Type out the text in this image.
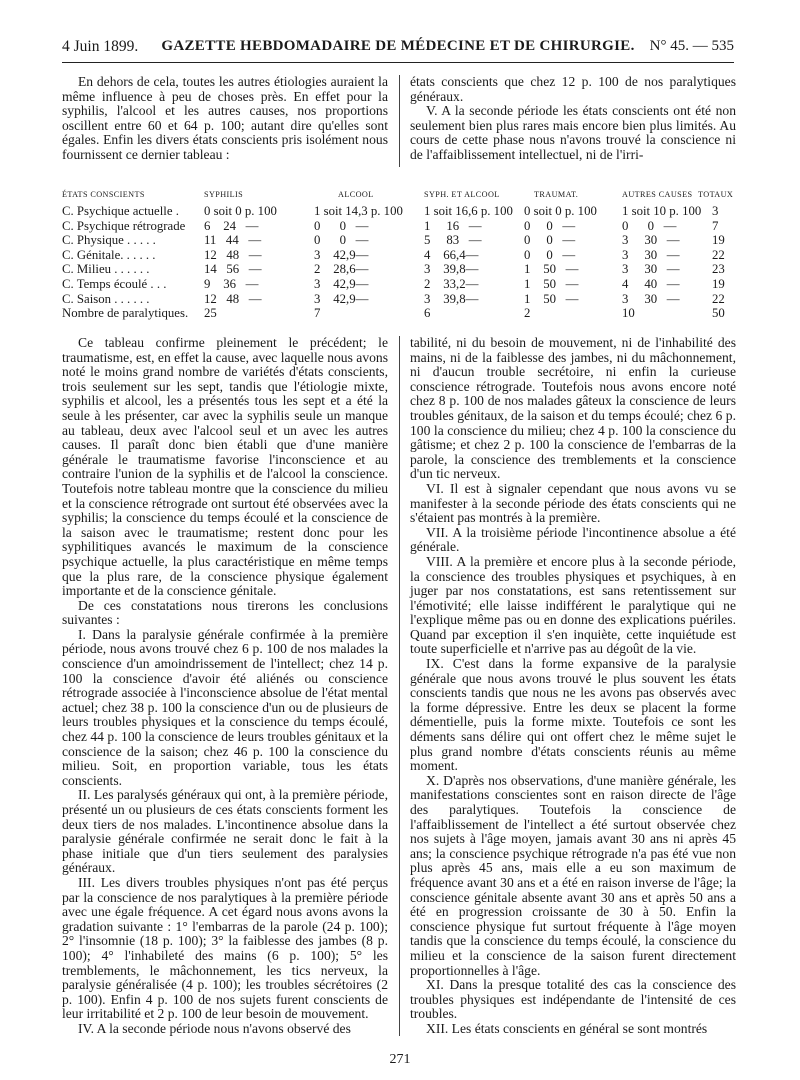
4 Juin 1899.	GAZETTE HEBDOMADAIRE DE MÉDECINE ET DE CHIRURGIE.	N° 45. — 535

En dehors de cela, toutes les autres étiologies auraient la même influence à peu de choses près. En effet pour la syphilis, l'alcool et les autres causes, nos proportions oscillent entre 60 et 64 p. 100; autant dire qu'elles sont égales. Enfin les divers états conscients pris isolément nous fournissent ce dernier tableau :

états conscients que chez 12 p. 100 de nos paralytiques généraux.

V. A la seconde période les états conscients ont été non seulement bien plus rares mais encore bien plus limités. Au cours de cette phase nous n'avons trouvé la conscience ni de l'affaiblissement intellectuel, ni de l'irri-

ÉTATS CONSCIENTS	SYPHILIS	ALCOOL	SYPH. ET ALCOOL	TRAUMAT.	AUTRES CAUSES TOTAUX
C. Psychique actuelle . 0 soit 0 p. 100	1 soit 14,3 p. 100 1 soit 16,6 p. 100 0 soit 0 p. 100 1 soit 10 p. 100 3
C. Psychique rétrograde 6    24   —	0      0   —	1     16   —	0     0   —	0      0   —	7
C. Physique . . . . .	11   44   —	0      0   —	5     83   —	0     0   —	3     30   —	19
C. Génitale. . . . . .	12   48   —	3    42,9—	4    66,4—	0     0   —	3     30   —	22
C. Milieu . . . . . .	14   56   —	2    28,6—	3    39,8—	1    50   —	3     30   —	23
C. Temps écoulé . . .	9    36   —	3    42,9—	2    33,2—	1    50   —	4     40   —	19
C. Saison . . . . . .	12   48   —	3    42,9—	3    39,8—	1    50   —	3     30   —	22
Nombre de paralytiques. 25	7	6	2	10	50

Ce tableau confirme pleinement le précédent; le traumatisme, est, en effet la cause, avec laquelle nous avons noté le moins grand nombre de variétés d'états conscients, trois seulement sur les sept, tandis que l'étiologie mixte, syphilis et alcool, les a présentés tous les sept et a été la seule à les présenter, car avec la syphilis seule un manque au tableau, deux avec l'alcool seul et un avec les autres causes. Il paraît donc bien établi que d'une manière générale le traumatisme favorise l'inconscience et au contraire l'union de la syphilis et de l'alcool la conscience. Toutefois notre tableau montre que la conscience du milieu et la conscience rétrograde ont surtout été observées avec la syphilis; la conscience du temps écoulé et la conscience de la saison avec le traumatisme; restent donc pour les syphilitiques avancés le maximum de la conscience psychique actuelle, la plus caractéristique en même temps que la plus rare, de la conscience physique également importante et de la conscience génitale.

De ces constatations nous tirerons les conclusions suivantes :

I. Dans la paralysie générale confirmée à la première période, nous avons trouvé chez 6 p. 100 de nos malades la conscience d'un amoindrissement de l'intellect; chez 14 p. 100 la conscience d'avoir été aliénés ou conscience rétrograde associée à l'inconscience absolue de l'état mental actuel; chez 38 p. 100 la conscience d'un ou de plusieurs de leurs troubles physiques et la conscience du temps écoulé, chez 44 p. 100 la conscience de leurs troubles génitaux et la conscience de la saison; chez 46 p. 100 la conscience du milieu. Soit, en proportion variable, tous les états conscients.

II. Les paralysés généraux qui ont, à la première période, présenté un ou plusieurs de ces états conscients forment les deux tiers de nos malades. L'incontinence absolue dans la paralysie générale confirmée ne serait donc le fait à la phase initiale que d'un tiers seulement des paralysies généraux.

III. Les divers troubles physiques n'ont pas été perçus par la conscience de nos paralytiques à la première période avec une égale fréquence. A cet égard nous avons avons la gradation suivante : 1° l'embarras de la parole (24 p. 100); 2° l'insomnie (18 p. 100); 3° la faiblesse des jambes (8 p. 100); 4° l'inhabileté des mains (6 p. 100); 5° les tremblements, le mâchonnement, les tics nerveux, la paralysie généralisée (4 p. 100); les troubles sécrétoires (2 p. 100). Enfin 4 p. 100 de nos sujets furent conscients de leur irritabilité et 2 p. 100 de leur besoin de mouvement.

IV. A la seconde période nous n'avons observé des

tabilité, ni du besoin de mouvement, ni de l'inhabilité des mains, ni de la faiblesse des jambes, ni du mâchonnement, ni d'aucun trouble secrétoire, ni enfin la curieuse conscience rétrograde. Toutefois nous avons encore noté chez 8 p. 100 de nos malades gâteux la conscience de leurs troubles génitaux, de la saison et du temps écoulé; chez 6 p. 100 la conscience du milieu; chez 4 p. 100 la conscience du gâtisme; et chez 2 p. 100 la conscience de l'embarras de la parole, la conscience des tremblements et la conscience d'un tic nerveux.

VI. Il est à signaler cependant que nous avons vu se manifester à la seconde période des états conscients qui ne s'étaient pas montrés à la première.

VII. A la troisième période l'incontinence absolue a été générale.

VIII. A la première et encore plus à la seconde période, la conscience des troubles physiques et psychiques, à en juger par nos constatations, est sans retentissement sur l'émotivité; elle laisse indifférent le paralytique qui ne l'explique même pas ou en donne des explications puériles. Quand par exception il s'en inquiète, cette inquiétude est toute superficielle et n'arrive pas au dégoût de la vie.

IX. C'est dans la forme expansive de la paralysie générale que nous avons trouvé le plus souvent les états conscients tandis que nous ne les avons pas observés avec la forme dépressive. Entre les deux se placent la forme démentielle, puis la forme mixte. Toutefois ce sont les déments sans délire qui ont offert chez le même sujet le plus grand nombre d'états conscients réunis au même moment.

X. D'après nos observations, d'une manière générale, les manifestations conscientes sont en raison directe de l'âge des paralytiques. Toutefois la conscience de l'affaiblissement de l'intellect a été surtout observée chez nos sujets à l'âge moyen, jamais avant 30 ans ni après 45 ans; la conscience psychique rétrograde n'a pas été vue non plus après 45 ans, mais elle a eu son maximum de fréquence avant 30 ans et a été en raison inverse de l'âge; la conscience génitale absente avant 30 ans et après 50 ans a été en progression croissante de 30 à 50. Enfin la conscience physique fut surtout fréquente à l'âge moyen tandis que la conscience du temps écoulé, la conscience du milieu et la conscience de la saison furent directement proportionnelles à l'âge.

XI. Dans la presque totalité des cas la conscience des troubles physiques est indépendante de l'intensité de ces troubles.

XII. Les états conscients en général se sont montrés

271
